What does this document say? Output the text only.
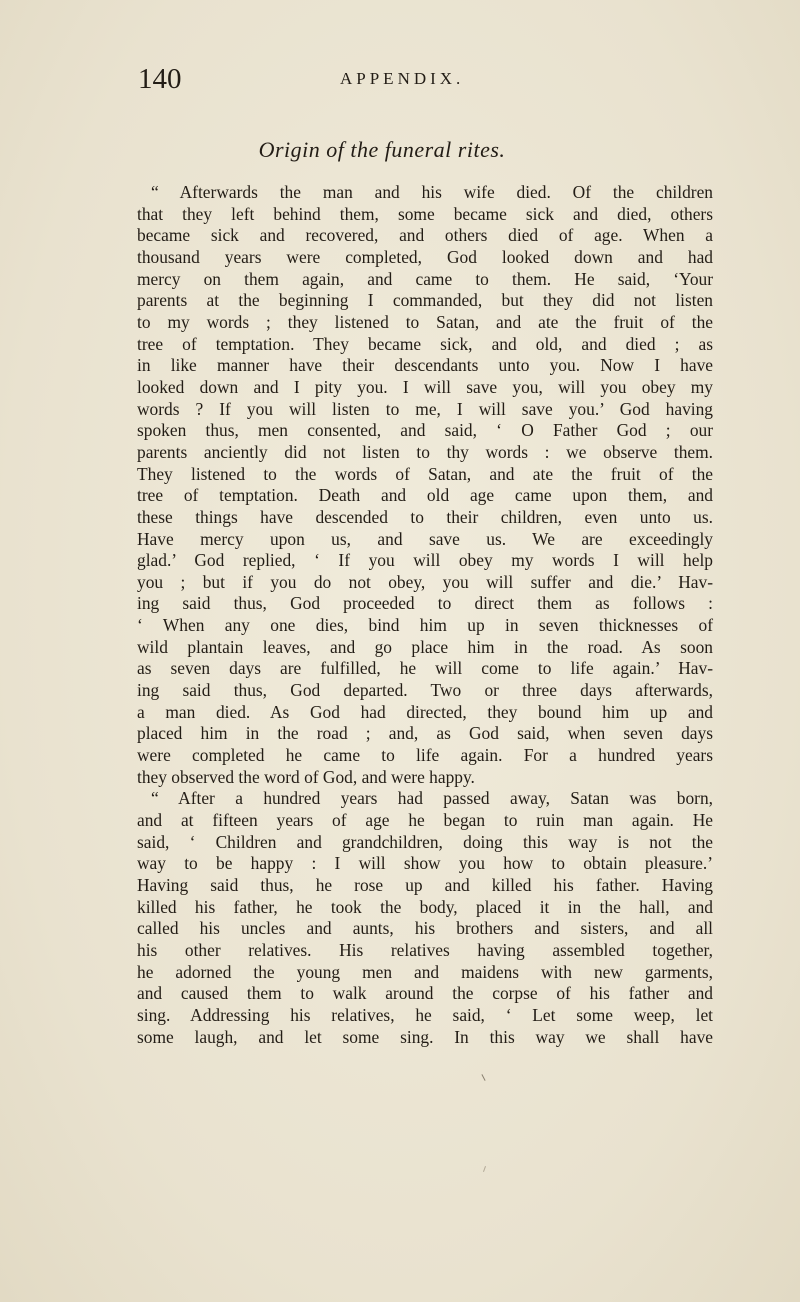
140	APPENDIX.
Origin of the funeral rites.
“ Afterwards the man and his wife died. Of the children
that they left behind them, some became sick and died, others
became sick and recovered, and others died of age. When a
thousand years were completed, God looked down and had
mercy on them again, and came to them. He said, ‘Your
parents at the beginning I commanded, but they did not listen
to my words ; they listened to Satan, and ate the fruit of the
tree of temptation. They became sick, and old, and died ; as
in like manner have their descendants unto you. Now I have
looked down and I pity you. I will save you, will you obey my
words ? If you will listen to me, I will save you.’ God having
spoken thus, men consented, and said, ‘ O Father God ; our
parents anciently did not listen to thy words : we observe them.
They listened to the words of Satan, and ate the fruit of the
tree of temptation. Death and old age came upon them, and
these things have descended to their children, even unto us.
Have mercy upon us, and save us. We are exceedingly
glad.’ God replied, ‘ If you will obey my words I will help
you ; but if you do not obey, you will suffer and die.’ Hav-
ing said thus, God proceeded to direct them as follows :
‘ When any one dies, bind him up in seven thicknesses of
wild plantain leaves, and go place him in the road. As soon
as seven days are fulfilled, he will come to life again.’ Hav-
ing said thus, God departed. Two or three days afterwards,
a man died. As God had directed, they bound him up and
placed him in the road ; and, as God said, when seven days
were completed he came to life again. For a hundred years
they observed the word of God, and were happy.
“ After a hundred years had passed away, Satan was born,
and at fifteen years of age he began to ruin man again. He
said, ‘ Children and grandchildren, doing this way is not the
way to be happy : I will show you how to obtain pleasure.’
Having said thus, he rose up and killed his father. Having
killed his father, he took the body, placed it in the hall, and
called his uncles and aunts, his brothers and sisters, and all
his other relatives. His relatives having assembled together,
he adorned the young men and maidens with new garments,
and caused them to walk around the corpse of his father and
sing. Addressing his relatives, he said, ‘ Let some weep, let
some laugh, and let some sing. In this way we shall have
